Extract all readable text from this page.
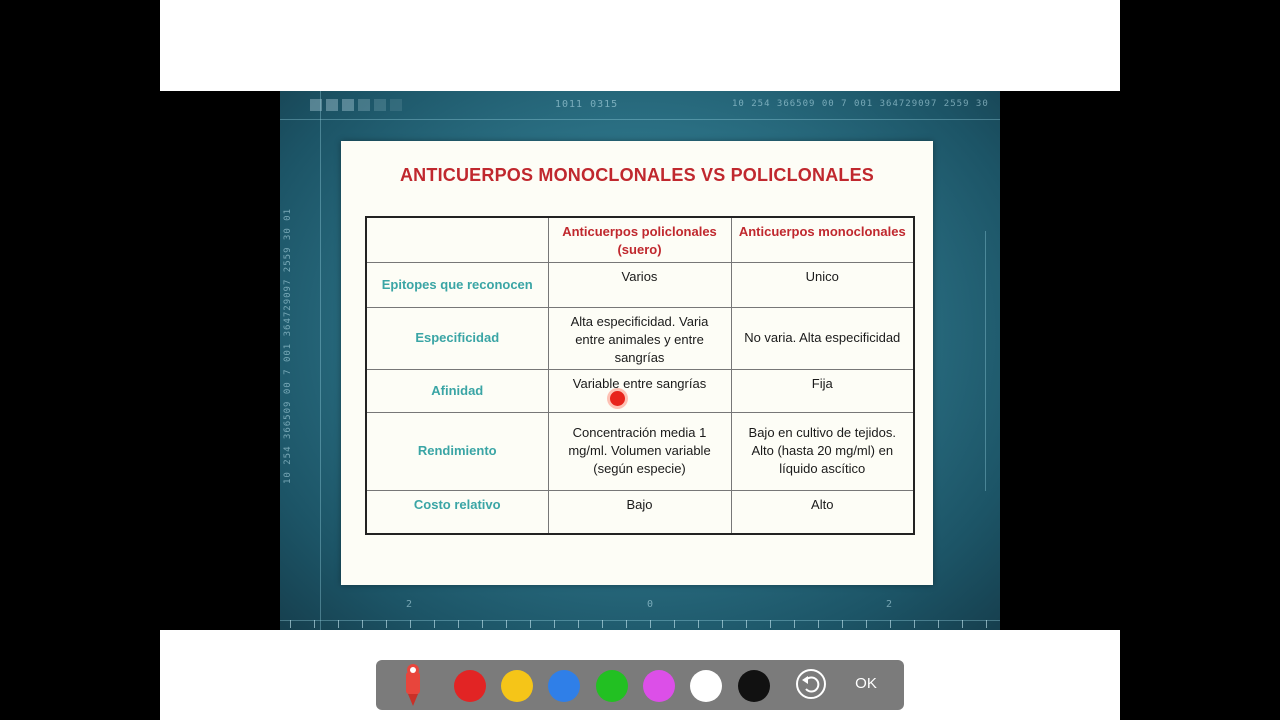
1011 0315	10 254 366509 00 7 001 364729097 2559 30
10 254 366509 00 7 001 364729097 2559 30 01
2	0	2
ANTICUERPOS MONOCLONALES VS POLICLONALES
	Anticuerpos policlonales (suero)	Anticuerpos monoclonales
Epitopes que reconocen	Varios	Unico
Especificidad	Alta especificidad. Varia entre animales y entre sangrías	No varia. Alta especificidad
Afinidad	Variable entre sangrías	Fija
Rendimiento	Concentración media 1 mg/ml. Volumen variable (según especie)	Bajo en cultivo de tejidos. Alto (hasta 20 mg/ml) en líquido ascítico
Costo relativo	Bajo	Alto
OK
